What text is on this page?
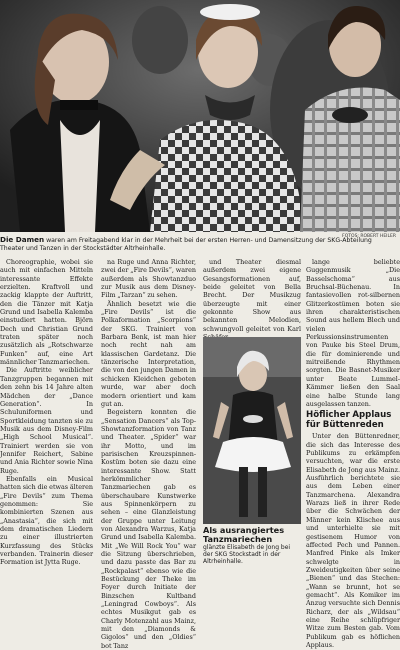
FOTOS: ROBERT HEILER
Die Damen waren am Freitagabend klar in der Mehrheit bei der ersten Herren- und Damensitzung der SKG-Abteilung Theater und Tanzen in der Stockstädter Altrheinhalle.

Choreographie, wobei sie auch mit einfachen Mitteln interessante Effekte erzielten. Kraftvoll und zackig klappte der Auftritt, den die Tänzer mit Katja Grund und Isabella Kalemba einstudiert hatten. Björn Dech und Christian Grund traten später noch zusätzlich als „Rotschwarze Funken“ auf, eine Art männlicher Tanzmariechen.

Die Auftritte weiblicher Tanzgruppen begannen mit den zehn bis 14 Jahre alten Mädchen der „Dance Generation“. In Schuluniformen und Sportkleidung tanzten sie zu Musik aus dem Disney-Film „High School Musical“. Trainiert werden sie von Jennifer Reichert, Sabine und Ania Richter sowie Nina Ruge.

Ebenfalls ein Musical hatten sich die etwas älteren „Fire Devils“ zum Thema genommen: Sie kombinierten Szenen aus „Anastasia“, die sich mit dem dramatischen Liedern zu einer illustrierten Kurzfassung des Stücks verbanden. Trainerin dieser Formation ist Jytta Ruge.

na Ruge und Anna Richter, zwei der „Fire Devils“, waren außerdem als Showtanzduo zur Musik aus dem Disney-Film „Tarzan“ zu sehen.

Ähnlich besetzt wie die „Fire Devils“ ist die Polkaformation „Scorpions“ der SKG. Trainiert von Barbara Benk, ist man hier noch recht nah am klassischen Gardetanz. Die tänzerische Interpretation, die von den jungen Damen in schicken Kleidchen geboten wurde, war aber doch modern orientiert und kam gut an.

Begeistern konnten die „Sensation Dancers“ als Top-Showtanzformation von Tanz und Theater. „Spider“ war ihr Motto, und im parisischen Kreuzspinnen-Kostüm boten sie dazu eine interessante Show. Statt herkömmlicher Tanzmariechen gab es überschaubare Kunstwerke aus Spinnenkörpern zu sehen – eine Glanzleistung der Gruppe unter Leitung von Alexandra Warzus, Katja Grund und Isabella Kalemba. Mit „We Will Rock You“ war die Sitzung überschrieben, und dazu passte das Bar zu „Rockpalast“ ebenso wie die Bestückung der Theke im Foyer durch Initiate der Binzschen Kultband „Leningrad Cowboys“. Als echtes Musikgut gab es Charly Motenzahl aus Mainz, mit den „Diamonds & Gigolos“ und den „Oldies“ bot Tanz

und Theater diesmal außerdem zwei eigene Gesangsformationen auf, beide geleitet von Bella Brecht. Der Musikzug überzeugte mit einer gekonnte Show aus bekannten Melodien, schwungvoll geleitet von Karl

Als ausrangiertes Tanzmariechen
glänzte Elisabeth de Jong bei der SKG Stockstadt in der Altrheinhalle.

lange beliebte Guggenmusik „Die Basselschoma“ aus Bruchsal-Büchenau. In fantasievollen rot-silbernen Glitzerkostümen boten sie ihren charakteristischen Sound aus hellem Blech und vielen Perkussionsinstrumenten von Pauke bis Steel Drum, die für dominierende und mitreißende Rhythmen sorgten. Die Basnet-Musiker unter Beate Lummel-Kämmer ließen den Saal eine halbe Stunde lang ausgelassen tanzen.

Höflicher Applaus für Büttenreden

Unter den Büttenredner, die sich das Interesse des Publikums zu erkämpfen versuchten, war die erste Elisabeth de Jong aus Mainz. Ausführlich berichtete sie aus dem Leben einer Tanzmarchena. Alexandra Warazs ließ in ihrer Rede über die Schwächen der Männer kein Klischee aus und unterhielte sie mit gestisenem Humor von affected Pech und Pannen. Manfred Pinke als Imker schwelgte in Zweideutigkeiten über seine „Bienen“ und das Stechen: „Wann se brunnt, hot se gemacht“. Als Komiker im Anzug versuchte sich Dennis Richarz, der als „Wildsau“ eine Reihe schlüpfriger Witze zum Besten gab. Vom Publikum gab es höflichen Applaus.
